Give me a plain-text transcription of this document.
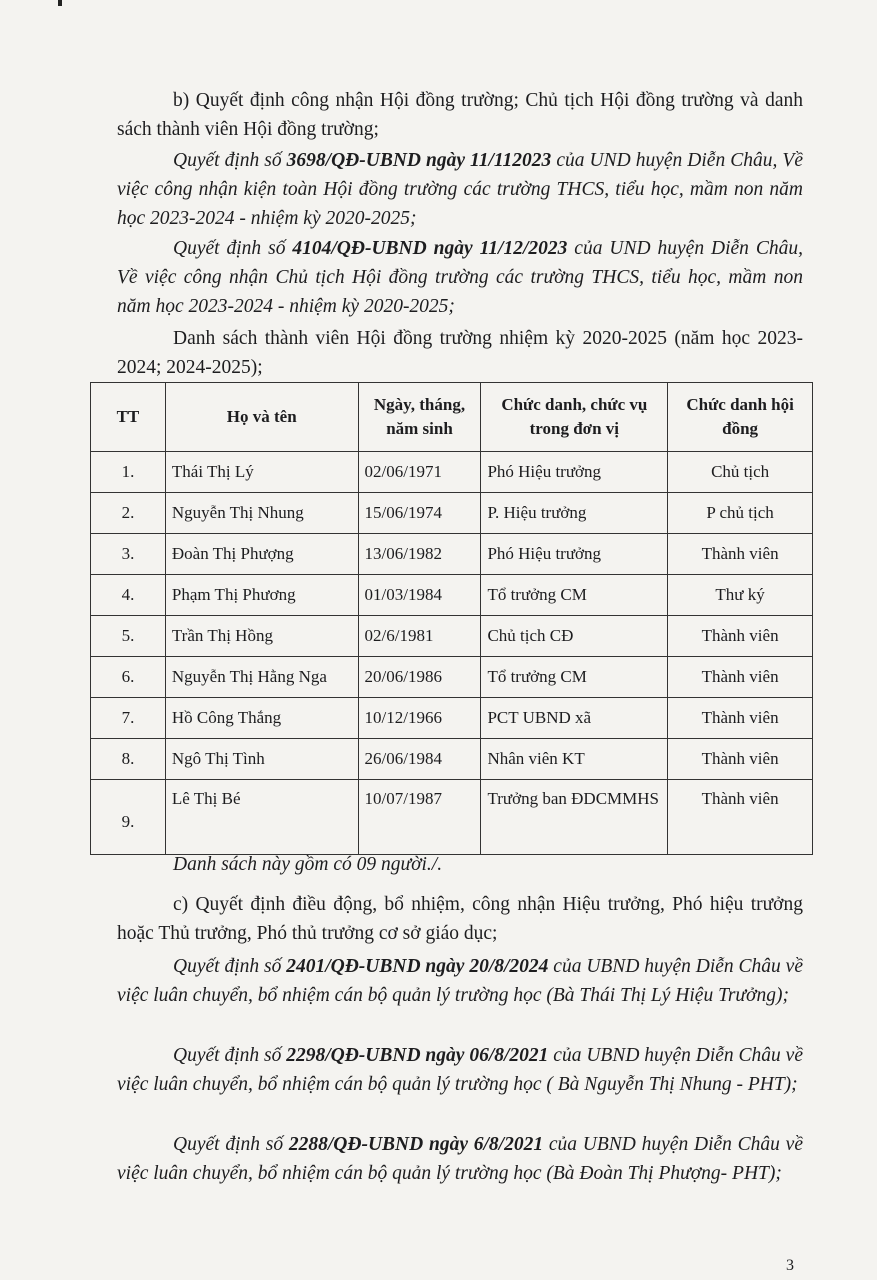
b) Quyết định công nhận Hội đồng trường; Chủ tịch Hội đồng trường và danh sách thành viên Hội đồng trường;

Quyết định số 3698/QĐ-UBND ngày 11/112023 của UND huyện Diễn Châu, Về việc công nhận kiện toàn Hội đồng trường các trường THCS, tiểu học, mầm non năm học 2023-2024 - nhiệm kỳ 2020-2025;

Quyết định số 4104/QĐ-UBND ngày 11/12/2023 của UND huyện Diễn Châu, Về việc công nhận Chủ tịch Hội đồng trường các trường THCS, tiểu học, mầm non năm học 2023-2024 - nhiệm kỳ 2020-2025;

Danh sách thành viên Hội đồng trường nhiệm kỳ 2020-2025 (năm học 2023-2024; 2024-2025);

TT	Họ và tên	Ngày, tháng, năm sinh	Chức danh, chức vụ trong đơn vị	Chức danh hội đồng
1.	Thái Thị Lý	02/06/1971	Phó Hiệu trưởng	Chủ tịch
2.	Nguyễn Thị Nhung	15/06/1974	P. Hiệu trưởng	P chủ tịch
3.	Đoàn Thị Phượng	13/06/1982	Phó Hiệu trưởng	Thành viên
4.	Phạm Thị Phương	01/03/1984	Tổ trưởng CM	Thư ký
5.	Trần Thị Hồng	02/6/1981	Chủ tịch CĐ	Thành viên
6.	Nguyễn Thị Hằng Nga	20/06/1986	Tổ trưởng CM	Thành viên
7.	Hồ Công Thắng	10/12/1966	PCT UBND xã	Thành viên
8.	Ngô Thị Tình	26/06/1984	Nhân viên KT	Thành viên
9.	Lê Thị Bé	10/07/1987	Trưởng ban ĐDCMMHS	Thành viên
Danh sách này gồm có 09 người./.

c) Quyết định điều động, bổ nhiệm, công nhận Hiệu trưởng, Phó hiệu trưởng hoặc Thủ trưởng, Phó thủ trưởng cơ sở giáo dục;

Quyết định số 2401/QĐ-UBND ngày 20/8/2024 của UBND huyện Diễn Châu về việc luân chuyển, bổ nhiệm cán bộ quản lý trường học (Bà Thái Thị Lý Hiệu Trưởng);

Quyết định số 2298/QĐ-UBND ngày 06/8/2021 của UBND huyện Diễn Châu về việc luân chuyển, bổ nhiệm cán bộ quản lý trường học ( Bà Nguyễn Thị Nhung - PHT);

Quyết định số 2288/QĐ-UBND ngày 6/8/2021 của UBND huyện Diễn Châu về việc luân chuyển, bổ nhiệm cán bộ quản lý trường học (Bà Đoàn Thị Phượng- PHT);

3
